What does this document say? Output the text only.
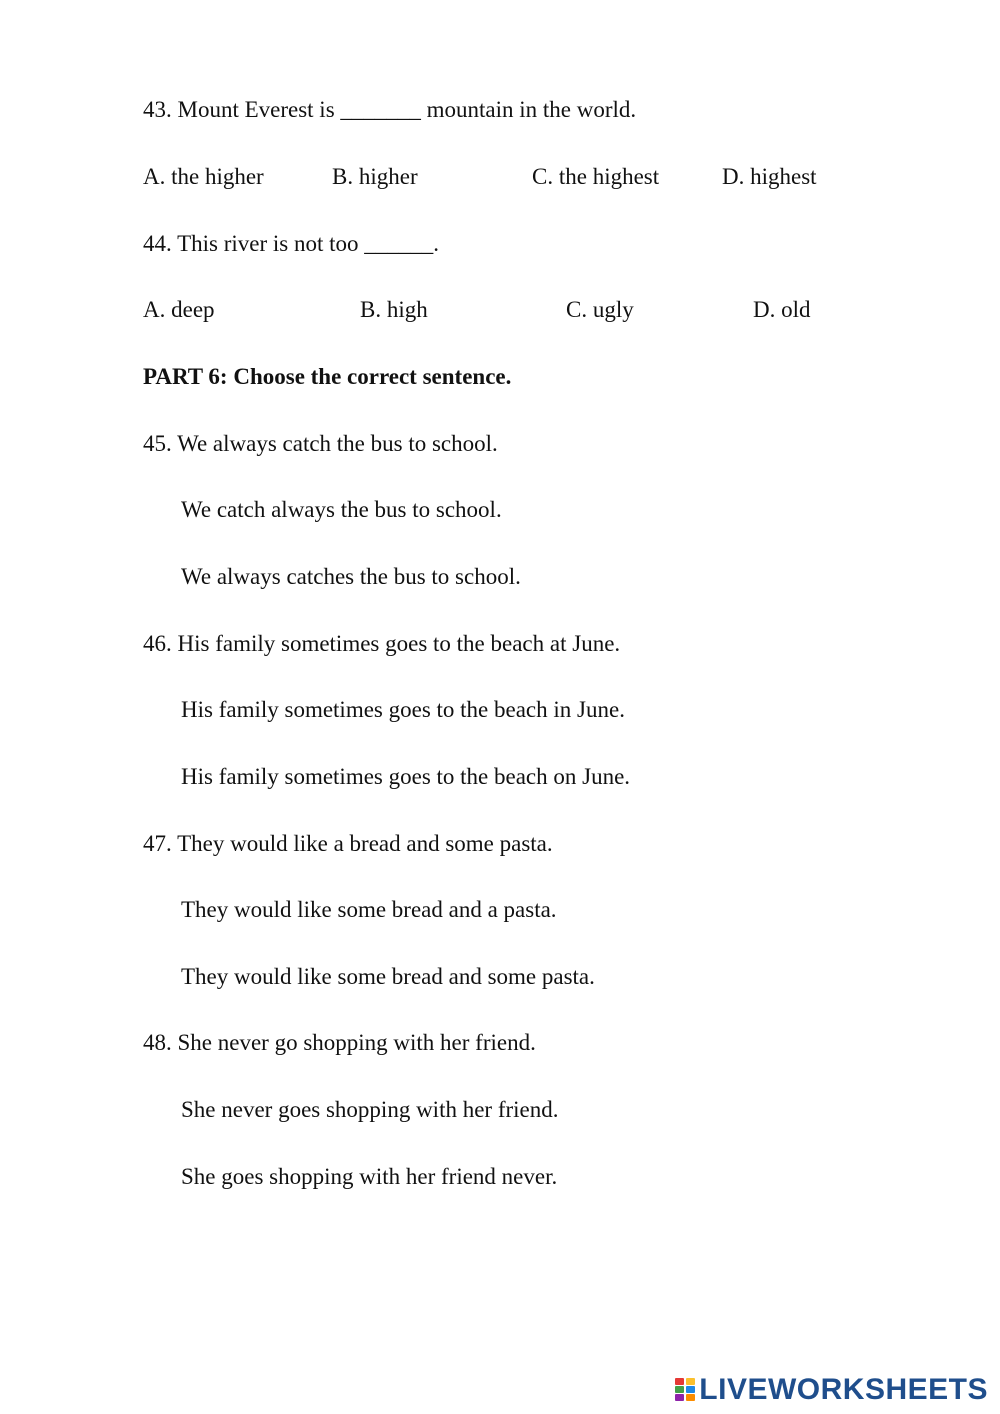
43. Mount Everest is _______ mountain in the world.
A. the higher	B. higher	C. the highest	D. highest
44. This river is not too ______.
A. deep	B. high	C. ugly	D. old
PART 6: Choose the correct sentence.
45. We always catch the bus to school.
We catch always the bus to school.
We always catches the bus to school.
46. His family sometimes goes to the beach at June.
His family sometimes goes to the beach in June.
His family sometimes goes to the beach on June.
47. They would like a bread and some pasta.
They would like some bread and a pasta.
They would like some bread and some pasta.
48. She never go shopping with her friend.
She never goes shopping with her friend.
She goes shopping with her friend never.
LIVEWORKSHEETS
